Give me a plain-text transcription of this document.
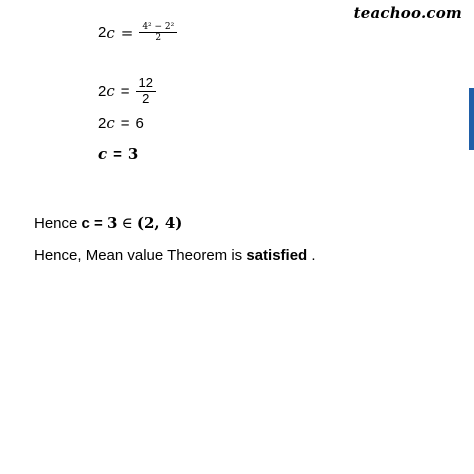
teachoo.com
2 $c = \frac{\text{4² − 2²}}{2}$
2 $c = \frac{12}{2}$
2 c = 6
c = 3
Hence c = 3 ∈ (2, 4)
Hence, Mean value Theorem is satisfied .
